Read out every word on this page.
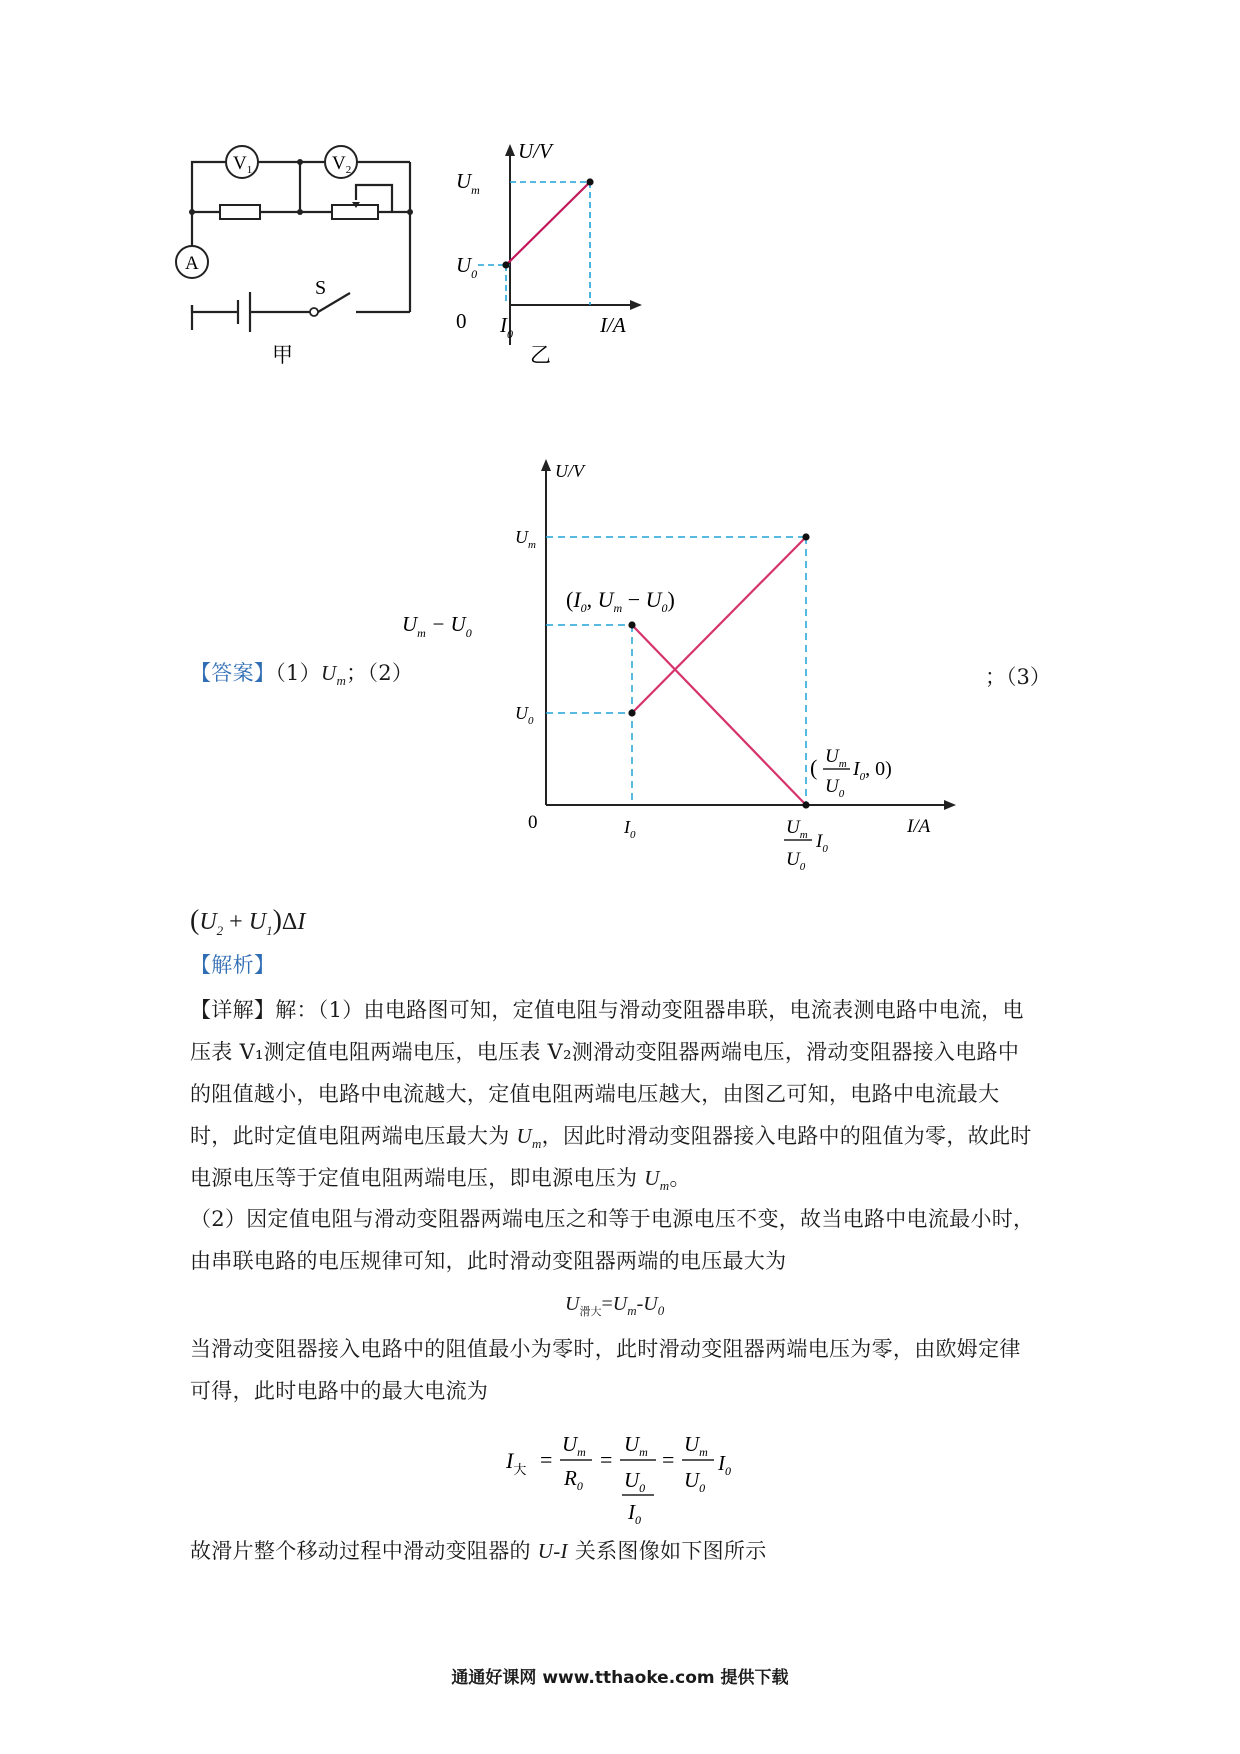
$V_1$	$V_2$
A
S
甲
U/V
I/A
$U_m$
$U_0$
0 $I_0$
乙
【答案】$(1)U_m$；（2）	；（3）
U/V
I/A
0
$U_m$
$U_m - U_0$
$U_0$
$I_0$
($I_0$, $U_m - U_0$)
( $U_m$
$U_0$
$I_0$, 0)
$U_m$
$U_0$
$I_0$
$(U_2 + U_1)\Delta I$
【解析】
【详解】解：（1）由电路图可知，定值电阻与滑动变阻器串联，电流表测电路中电流，电
压表 V₁测定值电阻两端电压，电压表 V₂测滑动变阻器两端电压，滑动变阻器接入电路中
的阻值越小，电路中电流越大，定值电阻两端电压越大，由图乙可知，电路中电流最大
时，此时定值电阻两端电压最大为 $U_m$，因此时滑动变阻器接入电路中的阻值为零，故此时
电源电压等于定值电阻两端电压，即电源电压为 $U_m$。
（2）因定值电阻与滑动变阻器两端电压之和等于电源电压不变，故当电路中电流最小时，
由串联电路的电压规律可知，此时滑动变阻器两端的电压最大为
$U_{滑大}=U_m-U_0$
当滑动变阻器接入电路中的阻值最小为零时，此时滑动变阻器两端电压为零，由欧姆定律
可得，此时电路中的最大电流为
$I_大$ =
$U_m$
$R_0$
=
$U_m$
$U_0$
$I_0$
=
$U_m$
$U_0$
$I_0$
故滑片整个移动过程中滑动变阻器的 U-I 关系图像如下图所示
通通好课网 www.tthaoke.com 提供下载
